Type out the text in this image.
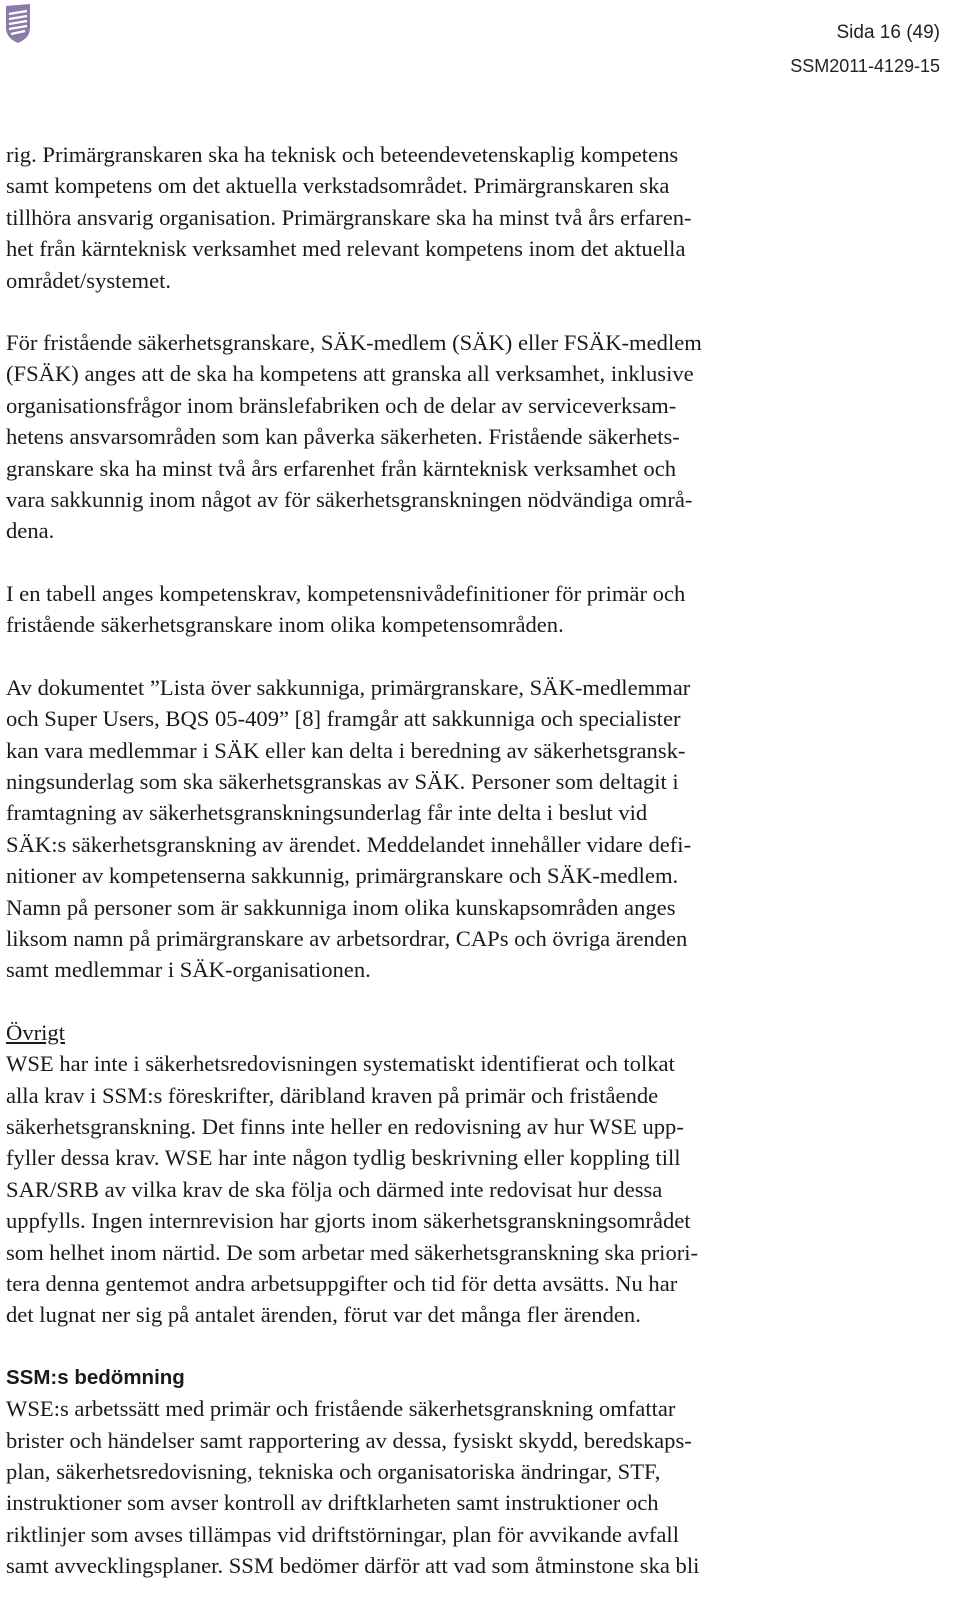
Sida 16 (49)
SSM2011-4129-15

rig. Primärgranskaren ska ha teknisk och beteendevetenskaplig kompetens

samt kompetens om det aktuella verkstadsområdet. Primärgranskaren ska

tillhöra ansvarig organisation. Primärgranskare ska ha minst två års erfaren-

het från kärnteknisk verksamhet med relevant kompetens inom det aktuella

området/systemet.

För fristående säkerhetsgranskare, SÄK-medlem (SÄK) eller FSÄK-medlem

(FSÄK) anges att de ska ha kompetens att granska all verksamhet, inklusive

organisationsfrågor inom bränslefabriken och de delar av serviceverksam-

hetens ansvarsområden som kan påverka säkerheten. Fristående säkerhets-

granskare ska ha minst två års erfarenhet från kärnteknisk verksamhet och

vara sakkunnig inom något av för säkerhetsgranskningen nödvändiga områ-

dena.

I en tabell anges kompetenskrav, kompetensnivådefinitioner för primär och

fristående säkerhetsgranskare inom olika kompetensområden.

Av dokumentet ”Lista över sakkunniga, primärgranskare, SÄK-medlemmar

och Super Users, BQS 05-409” [8] framgår att sakkunniga och specialister

kan vara medlemmar i SÄK eller kan delta i beredning av säkerhetsgransk-

ningsunderlag som ska säkerhetsgranskas av SÄK. Personer som deltagit i

framtagning av säkerhetsgranskningsunderlag får inte delta i beslut vid

SÄK:s säkerhetsgranskning av ärendet. Meddelandet innehåller vidare defi-

nitioner av kompetenserna sakkunnig, primärgranskare och SÄK-medlem.

Namn på personer som är sakkunniga inom olika kunskapsområden anges

liksom namn på primärgranskare av arbetsordrar, CAPs och övriga ärenden

samt medlemmar i SÄK-organisationen.

Övrigt

WSE har inte i säkerhetsredovisningen systematiskt identifierat och tolkat

alla krav i SSM:s föreskrifter, däribland kraven på primär och fristående

säkerhetsgranskning. Det finns inte heller en redovisning av hur WSE upp-

fyller dessa krav. WSE har inte någon tydlig beskrivning eller koppling till

SAR/SRB av vilka krav de ska följa och därmed inte redovisat hur dessa

uppfylls. Ingen internrevision har gjorts inom säkerhetsgranskningsområdet

som helhet inom närtid. De som arbetar med säkerhetsgranskning ska priori-

tera denna gentemot andra arbetsuppgifter och tid för detta avsätts. Nu har

det lugnat ner sig på antalet ärenden, förut var det många fler ärenden.

SSM:s bedömning

WSE:s arbetssätt med primär och fristående säkerhetsgranskning omfattar

brister och händelser samt rapportering av dessa, fysiskt skydd, beredskaps-

plan, säkerhetsredovisning, tekniska och organisatoriska ändringar, STF,

instruktioner som avser kontroll av driftklarheten samt instruktioner och

riktlinjer som avses tillämpas vid driftstörningar, plan för avvikande avfall

samt avvecklingsplaner. SSM bedömer därför att vad som åtminstone ska bli
